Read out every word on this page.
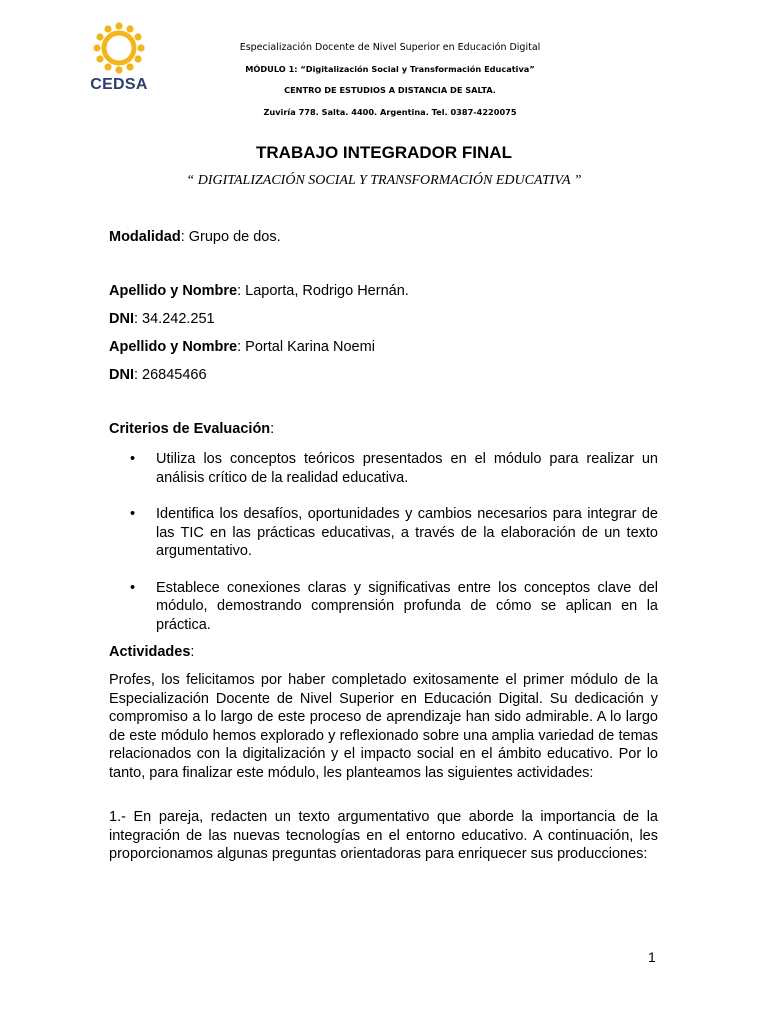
CEDSA
Especialización Docente de Nivel Superior en Educación Digital
MÓDULO 1: “Digitalización Social y Transformación Educativa”
CENTRO DE ESTUDIOS A DISTANCIA DE SALTA.
Zuviría 778. Salta. 4400. Argentina. Tel. 0387-4220075
TRABAJO INTEGRADOR FINAL
“ DIGITALIZACIÓN SOCIAL Y TRANSFORMACIÓN EDUCATIVA ”
Modalidad: Grupo de dos.
Apellido y Nombre: Laporta, Rodrigo Hernán.
DNI: 34.242.251
Apellido y Nombre: Portal Karina Noemi
DNI: 26845466
Criterios de Evaluación:
• Utiliza los conceptos teóricos presentados en el módulo para realizar un análisis crítico de la realidad educativa.
• Identifica los desafíos, oportunidades y cambios necesarios para integrar de las TIC en las prácticas educativas, a través de la elaboración de un texto argumentativo.
• Establece conexiones claras y significativas entre los conceptos clave del módulo, demostrando comprensión profunda de cómo se aplican en la práctica.
Actividades:

Profes, los felicitamos por haber completado exitosamente el primer módulo de la Especialización Docente de Nivel Superior en Educación Digital. Su dedicación y compromiso a lo largo de este proceso de aprendizaje han sido admirable. A lo largo de este módulo hemos explorado y reflexionado sobre una amplia variedad de temas relacionados con la digitalización y el impacto social en el ámbito educativo. Por lo tanto, para finalizar este módulo, les planteamos las siguientes actividades:

1.- En pareja, redacten un texto argumentativo que aborde la importancia de la integración de las nuevas tecnologías en el entorno educativo. A continuación, les proporcionamos algunas preguntas orientadoras para enriquecer sus producciones:

1
